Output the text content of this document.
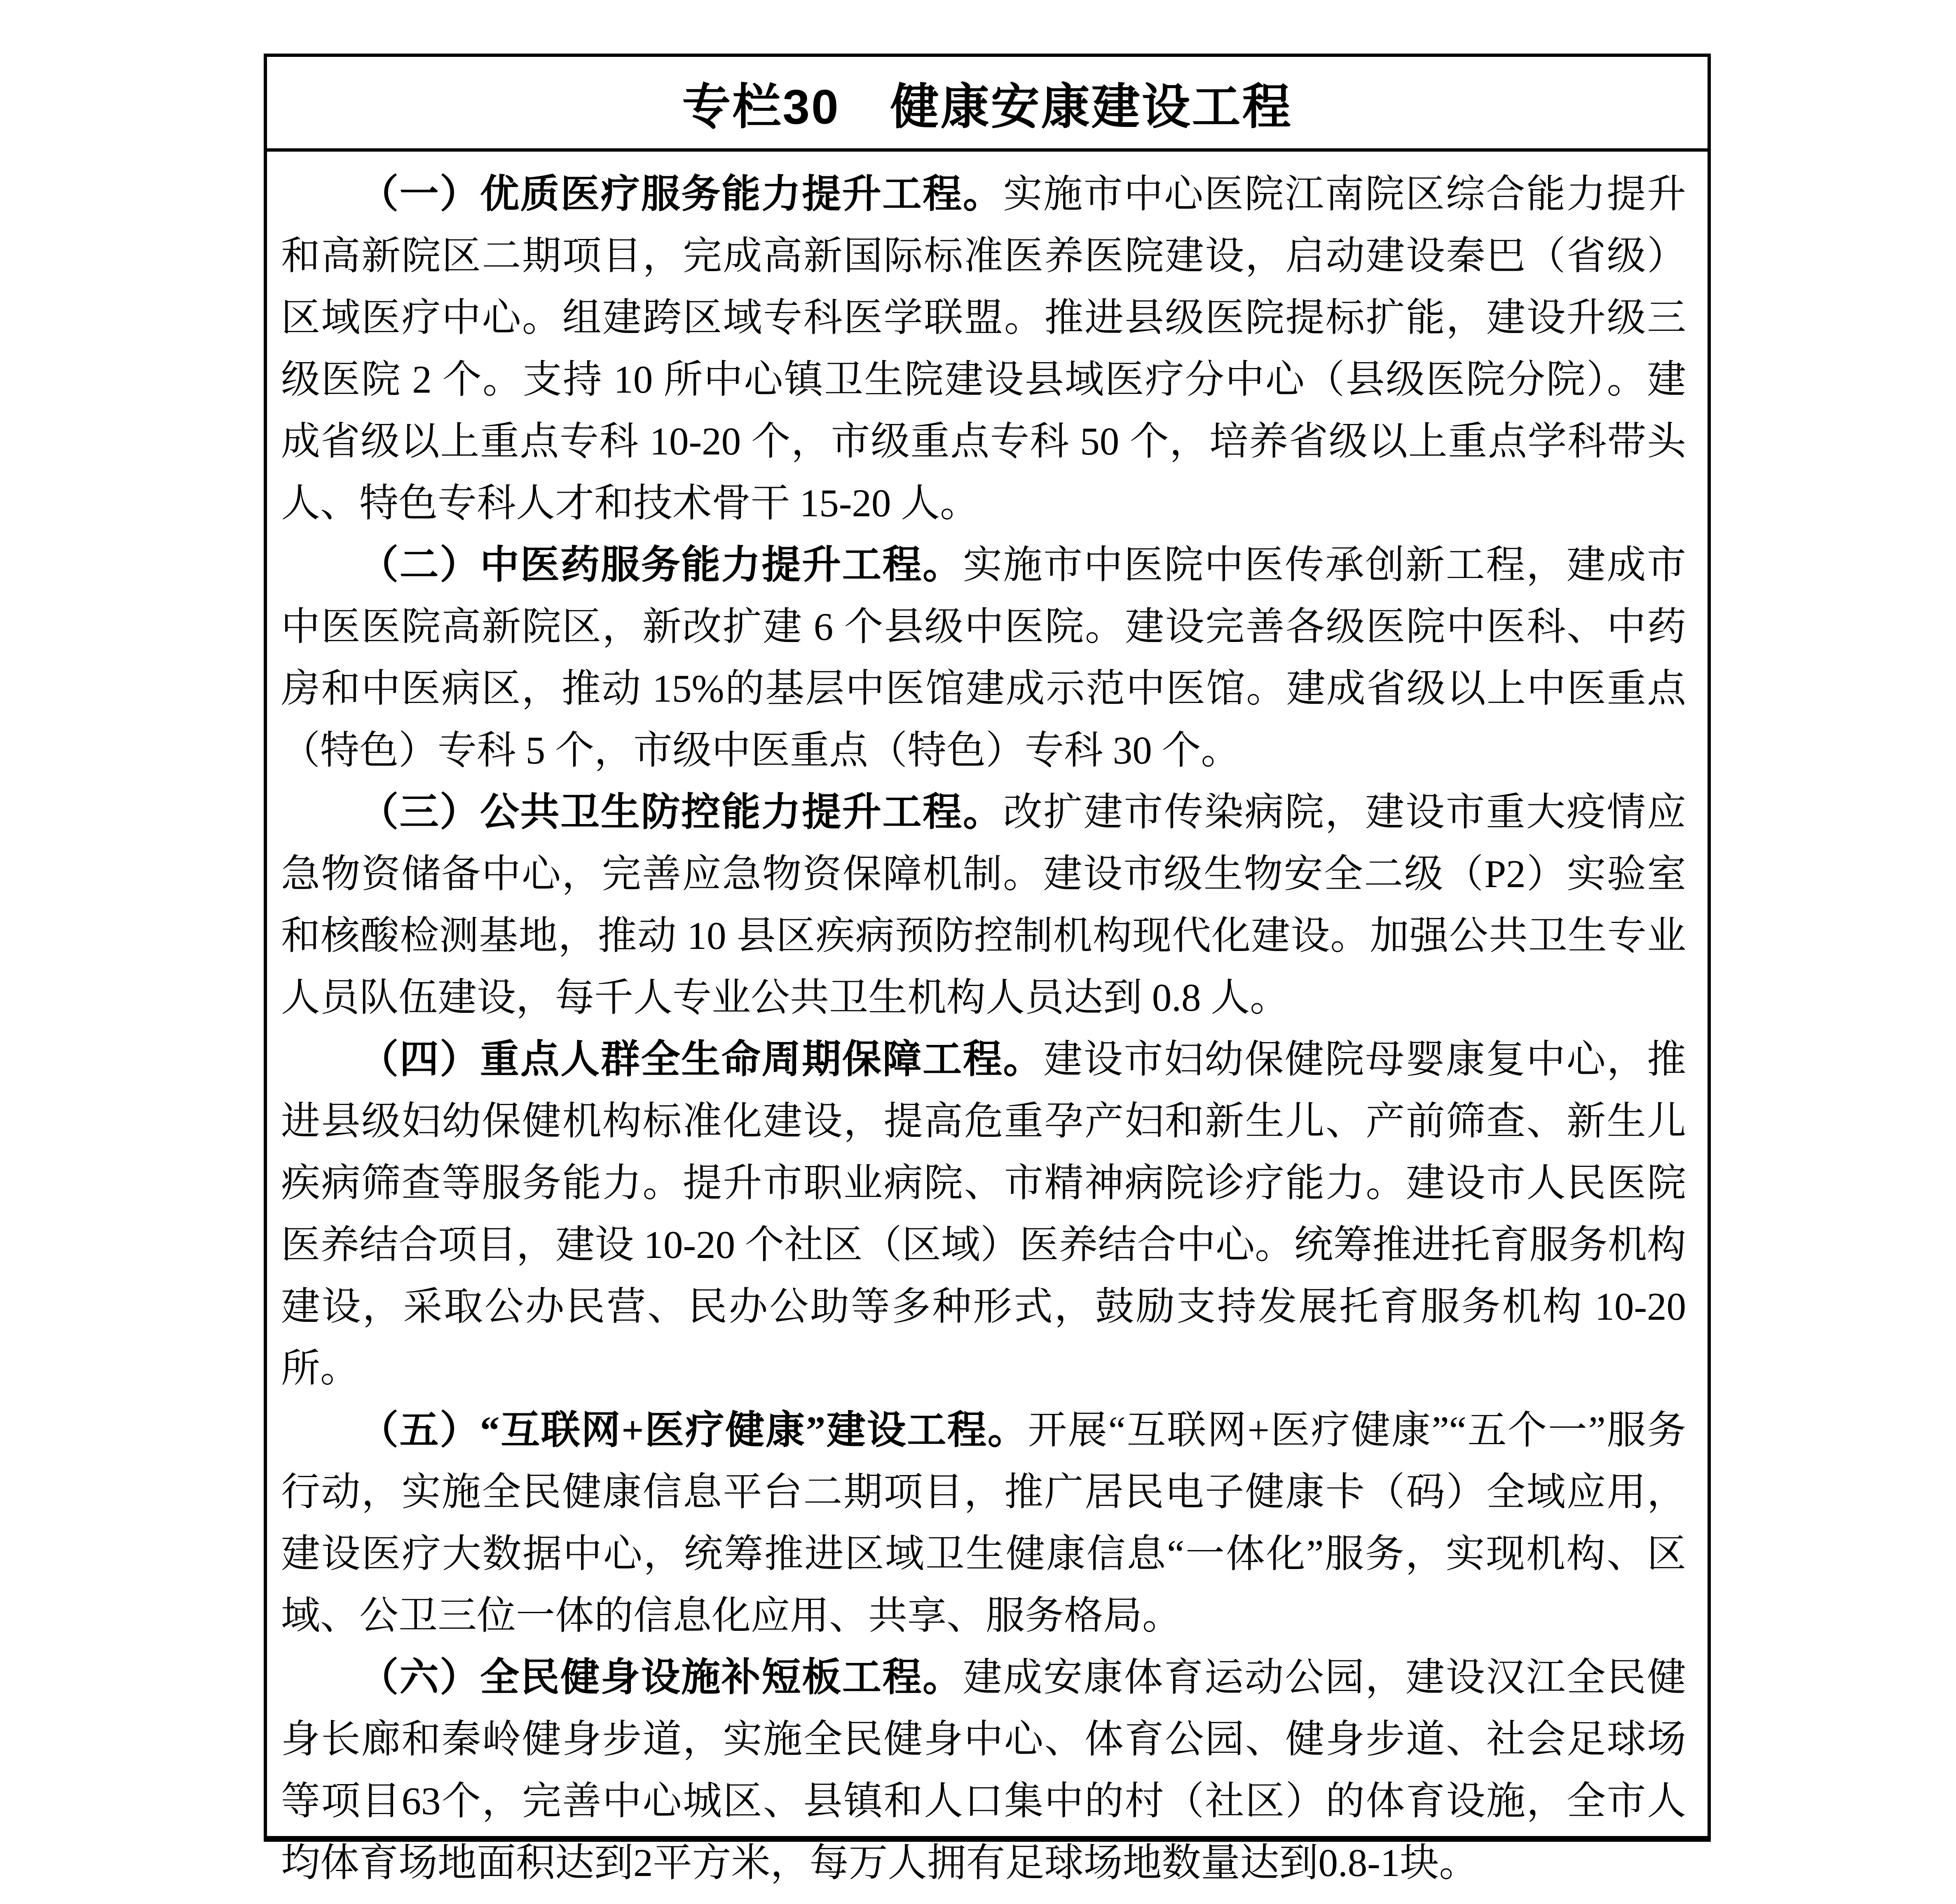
专栏30　健康安康建设工程

（一）优质医疗服务能力提升工程。实施市中心医院江南院区综合能力提升和高新院区二期项目，完成高新国际标准医养医院建设，启动建设秦巴（省级）区域医疗中心。组建跨区域专科医学联盟。推进县级医院提标扩能，建设升级三级医院 2 个。支持 10 所中心镇卫生院建设县域医疗分中心（县级医院分院）。建成省级以上重点专科 10-20 个，市级重点专科 50 个，培养省级以上重点学科带头人、特色专科人才和技术骨干 15-20 人。

（二）中医药服务能力提升工程。实施市中医院中医传承创新工程，建成市中医医院高新院区，新改扩建 6 个县级中医院。建设完善各级医院中医科、中药房和中医病区，推动 15%的基层中医馆建成示范中医馆。建成省级以上中医重点（特色）专科 5 个，市级中医重点（特色）专科 30 个。

（三）公共卫生防控能力提升工程。改扩建市传染病院，建设市重大疫情应急物资储备中心，完善应急物资保障机制。建设市级生物安全二级（P2）实验室和核酸检测基地，推动 10 县区疾病预防控制机构现代化建设。加强公共卫生专业人员队伍建设，每千人专业公共卫生机构人员达到 0.8 人。

（四）重点人群全生命周期保障工程。建设市妇幼保健院母婴康复中心，推进县级妇幼保健机构标准化建设，提高危重孕产妇和新生儿、产前筛查、新生儿疾病筛查等服务能力。提升市职业病院、市精神病院诊疗能力。建设市人民医院医养结合项目，建设 10-20 个社区（区域）医养结合中心。统筹推进托育服务机构建设，采取公办民营、民办公助等多种形式，鼓励支持发展托育服务机构 10-20 所。

（五）“互联网+医疗健康”建设工程。开展“互联网+医疗健康”“五个一”服务行动，实施全民健康信息平台二期项目，推广居民电子健康卡（码）全域应用，建设医疗大数据中心，统筹推进区域卫生健康信息“一体化”服务，实现机构、区域、公卫三位一体的信息化应用、共享、服务格局。

（六）全民健身设施补短板工程。建成安康体育运动公园，建设汉江全民健身长廊和秦岭健身步道，实施全民健身中心、体育公园、健身步道、社会足球场等项目63个，完善中心城区、县镇和人口集中的村（社区）的体育设施，全市人均体育场地面积达到2平方米，每万人拥有足球场地数量达到0.8-1块。
